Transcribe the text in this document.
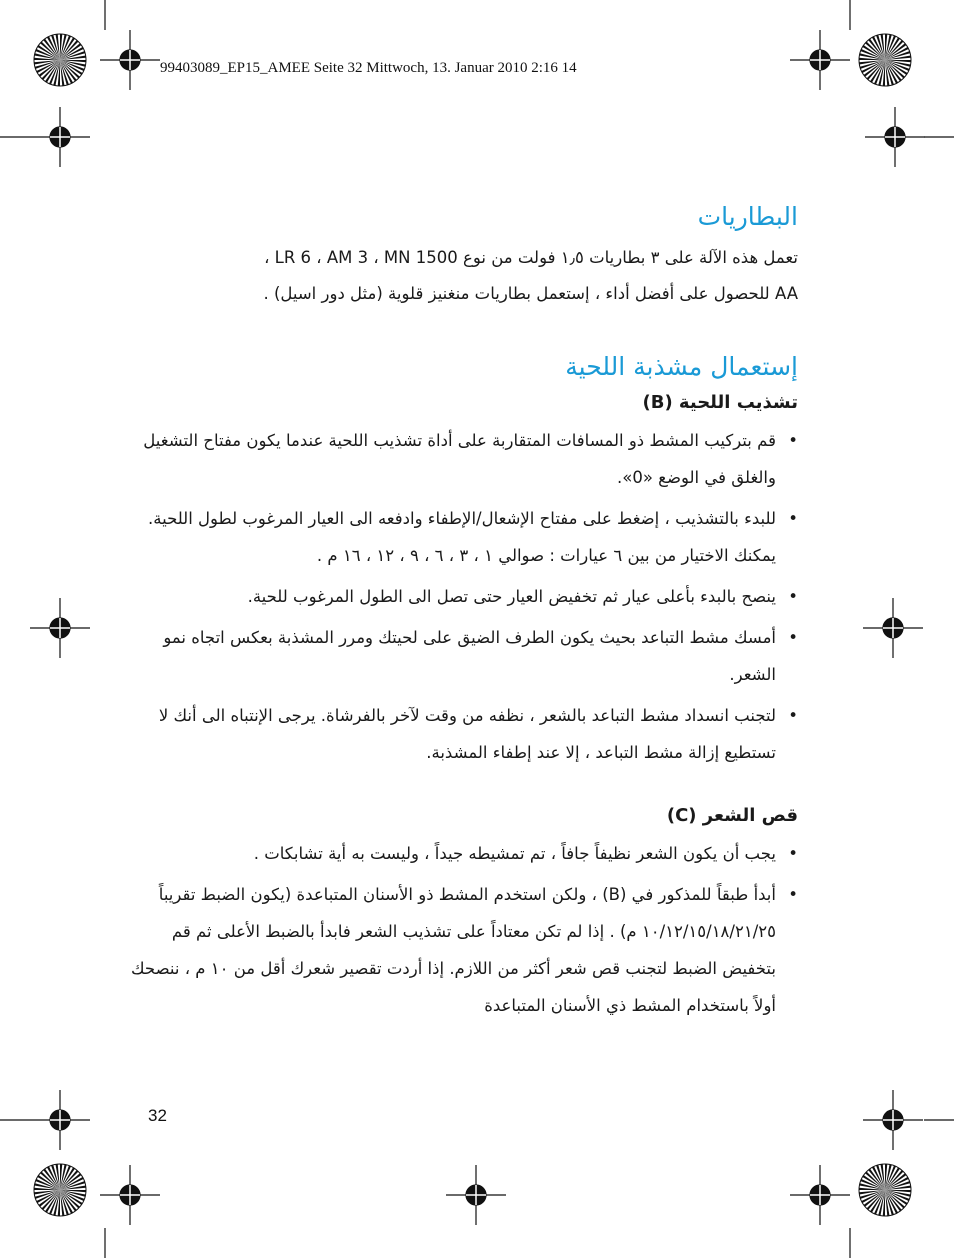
99403089_EP15_AMEE Seite 32 Mittwoch, 13. Januar 2010 2:16 14
البطاريات

تعمل هذه الآلة على ٣ بطاريات ١٫٥ فولت من نوع LR 6 ، AM 3 ، MN 1500 ،

AA للحصول على أفضل أداء ، إستعمل بطاريات منغنيز قلوية (مثل دور اسيل) .

إستعمال مشذبة اللحية
تشذيب اللحية (B)
• قم بتركيب المشط ذو المسافات المتقاربة على أداة تشذيب اللحية عندما يكون مفتاح التشغيل والغلق في الوضع «0».
• للبدء بالتشذيب ، إضغط على مفتاح الإشعال/الإطفاء وادفعه الى العيار المرغوب لطول اللحية.
يمكنك الاختيار من بين ٦ عيارات : صوالي ١ ، ٣ ، ٦ ، ٩ ، ١٢ ، ١٦ م .
• ينصح بالبدء بأعلى عيار ثم تخفيض العيار حتى تصل الى الطول المرغوب للحية.
• أمسك مشط التباعد بحيث يكون الطرف الضيق على لحيتك ومرر المشذبة بعكس اتجاه نمو الشعر.
• لتجنب انسداد مشط التباعد بالشعر ، نظفه من وقت لآخر بالفرشاة. يرجى الإنتباه الى أنك لا تستطيع إزالة مشط التباعد ، إلا عند إطفاء المشذبة.
قص الشعر (C)
• يجب أن يكون الشعر نظيفاً جافاً ، تم تمشيطه جيداً ، وليست به أية تشابكات .
• أبدأ طبقاً للمذكور في (B) ، ولكن استخدم المشط ذو الأسنان المتباعدة (يكون الضبط تقريباً ١٠/١٢/١٥/١٨/٢١/٢٥ م) . إذا لم تكن معتاداً على تشذيب الشعر فابدأ بالضبط الأعلى ثم قم بتخفيض الضبط لتجنب قص شعر أكثر من اللازم. إذا أردت تقصير شعرك أقل من ١٠ م ، ننصحك أولاً باستخدام المشط ذي الأسنان المتباعدة
32
